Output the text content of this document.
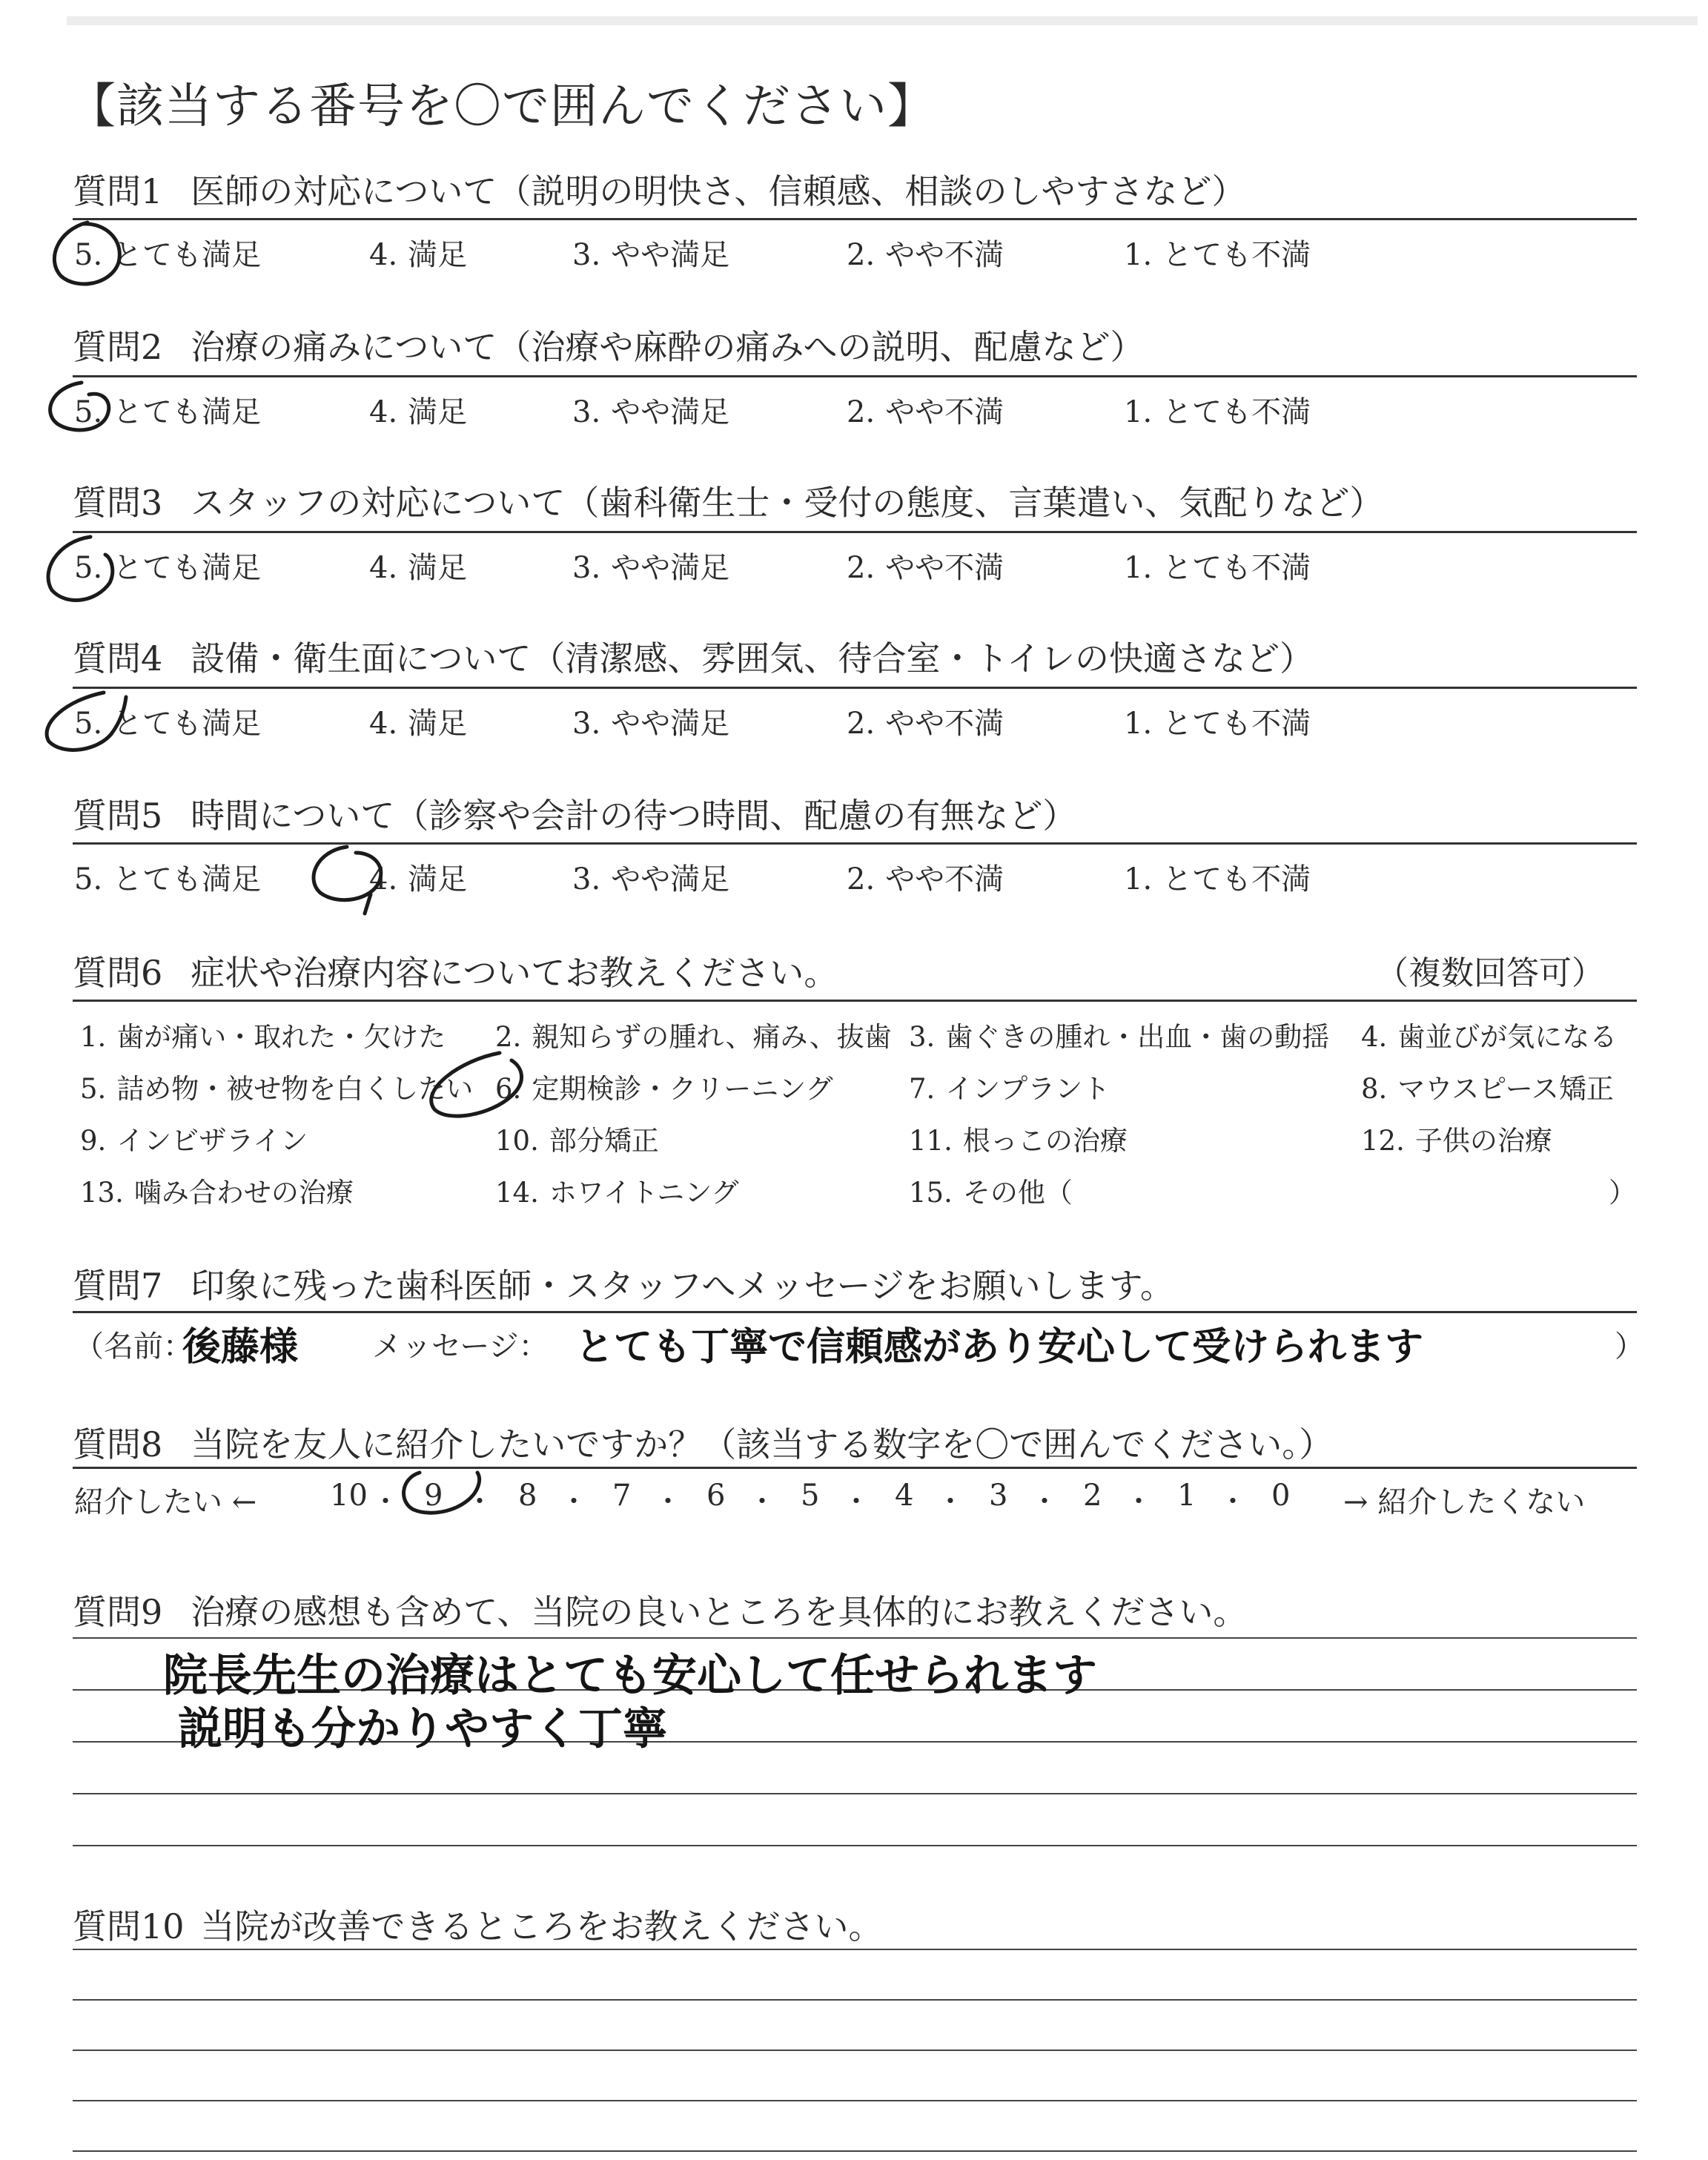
【該当する番号を〇で囲んでください】
質問1 医師の対応について（説明の明快さ、信頼感、相談のしやすさなど）
5. とても満足	4. 満足	3. やや満足	2. やや不満	1. とても不満
質問2 治療の痛みについて（治療や麻酔の痛みへの説明、配慮など）
5. とても満足	4. 満足	3. やや満足	2. やや不満	1. とても不満
質問3 スタッフの対応について（歯科衛生士・受付の態度、言葉遣い、気配りなど）
5. とても満足	4. 満足	3. やや満足	2. やや不満	1. とても不満
質問4 設備・衛生面について（清潔感、雰囲気、待合室・トイレの快適さなど）
5. とても満足	4. 満足	3. やや満足	2. やや不満	1. とても不満
質問5 時間について（診察や会計の待つ時間、配慮の有無など）
5. とても満足	4. 満足	3. やや満足	2. やや不満	1. とても不満
質問6 症状や治療内容についてお教えください。	（複数回答可）
1. 歯が痛い・取れた・欠けた 2. 親知らずの腫れ、痛み、抜歯 3. 歯ぐきの腫れ・出血・歯の動揺 4. 歯並びが気になる
5. 詰め物・被せ物を白くしたい 6. 定期検診・クリーニング	7. インプラント	8. マウスピース矯正
9. インビザライン	10. 部分矯正	11. 根っこの治療	12. 子供の治療
13. 噛み合わせの治療	14. ホワイトニング	15. その他（	）
質問7 印象に残った歯科医師・スタッフへメッセージをお願いします。
（名前：
後藤様 メッセージ： とても丁寧で信頼感があり安心して受けられます	）
質問8 当院を友人に紹介したいですか？（該当する数字を〇で囲んでください。）
紹介したい ← 10 ・ 9 ・ 8 ・ 7 ・ 6 ・ 5 ・ 4 ・ 3 ・ 2 ・ 1 ・ 0 → 紹介したくない
質問9 治療の感想も含めて、当院の良いところを具体的にお教えください。
院長先生の治療はとても安心して任せられます
説明も分かりやすく丁寧
質問10 当院が改善できるところをお教えください。
